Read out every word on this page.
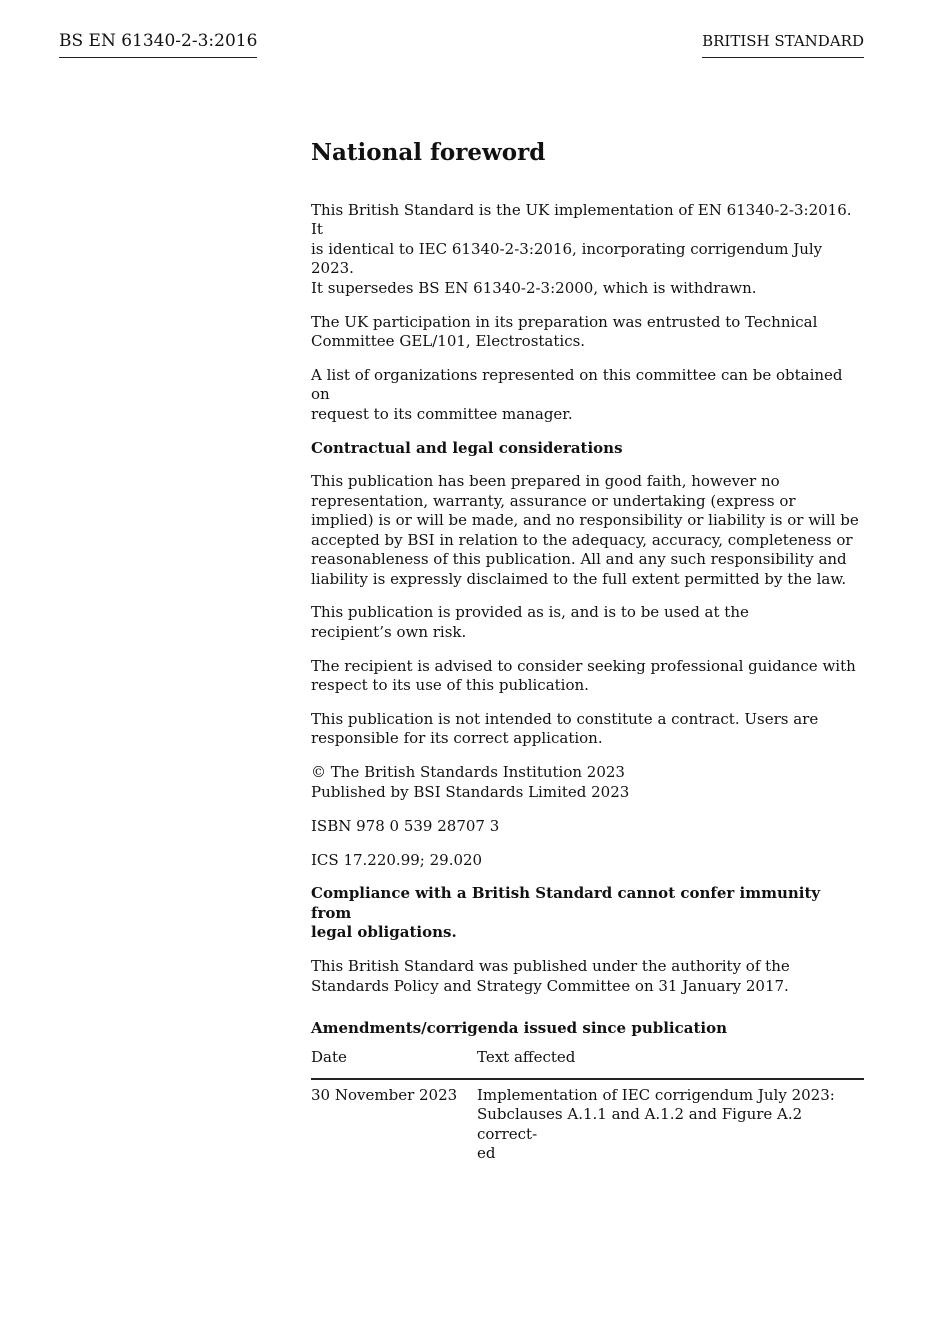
BS EN 61340-2-3:2016	BRITISH STANDARD
National foreword

This British Standard is the UK implementation of EN 61340-2-3:2016. It
is identical to IEC 61340-2-3:2016, incorporating corrigendum July 2023.
It supersedes BS EN 61340-2-3:2000, which is withdrawn.

The UK participation in its preparation was entrusted to Technical
Committee GEL/101, Electrostatics.

A list of organizations represented on this committee can be obtained on
request to its committee manager.

Contractual and legal considerations

This publication has been prepared in good faith, however no
representation, warranty, assurance or undertaking (express or
implied) is or will be made, and no responsibility or liability is or will be
accepted by BSI in relation to the adequacy, accuracy, completeness or
reasonableness of this publication. All and any such responsibility and
liability is expressly disclaimed to the full extent permitted by the law.

This publication is provided as is, and is to be used at the
recipient’s own risk.

The recipient is advised to consider seeking professional guidance with
respect to its use of this publication.

This publication is not intended to constitute a contract. Users are
responsible for its correct application.

© The British Standards Institution 2023
Published by BSI Standards Limited 2023

ISBN 978 0 539 28707 3

ICS 17.220.99; 29.020

Compliance with a British Standard cannot confer immunity from
legal obligations.

This British Standard was published under the authority of the
Standards Policy and Strategy Committee on 31 January 2017.

Amendments/corrigenda issued since publication
Date	Text affected
30 November 2023	Implementation of IEC corrigendum July 2023:
Subclauses A.1.1 and A.1.2 and Figure A.2 correct-
ed
